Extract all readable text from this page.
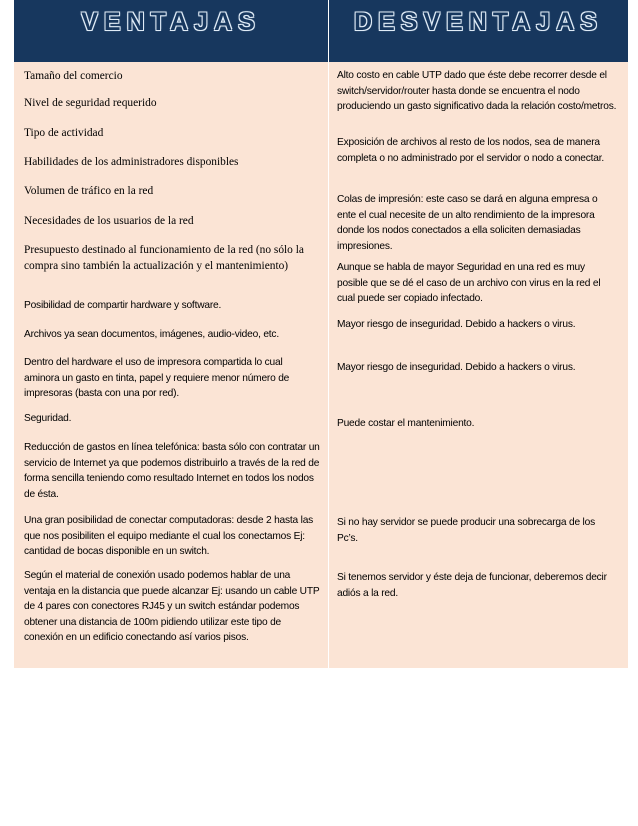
VENTAJAS	DESVENTAJAS
Tamaño del comercio
Nivel de seguridad requerido
Tipo de actividad
Habilidades de los administradores disponibles
Volumen de tráfico en la red
Necesidades de los usuarios de la red
Presupuesto destinado al funcionamiento de la red (no sólo la compra sino también la actualización y el mantenimiento)
Posibilidad de compartir hardware y software.
Archivos ya sean documentos, imágenes, audio-video, etc.
Dentro del hardware el uso de impresora compartida lo cual aminora un gasto en tinta, papel y requiere menor número de impresoras (basta con una por red).
Seguridad.
Reducción de gastos en línea telefónica: basta sólo con contratar un servicio de Internet ya que podemos distribuirlo a través de la red de forma sencilla teniendo como resultado Internet en todos los nodos de ésta.
Una gran posibilidad de conectar computadoras: desde 2 hasta las que nos posibiliten el equipo mediante el cual los conectamos Ej: cantidad de bocas disponible en un switch.
Según el material de conexión usado podemos hablar de una ventaja en la distancia que puede alcanzar Ej: usando un cable UTP de 4 pares con conectores RJ45 y un switch estándar podemos obtener una distancia de 100m pidiendo utilizar este tipo de conexión en un edificio conectando así varios pisos.
Alto costo en cable UTP dado que éste debe recorrer desde el switch/servidor/router hasta donde se encuentra el nodo produciendo un gasto significativo dada la relación costo/metros.
Exposición de archivos al resto de los nodos, sea de manera completa o no administrado por el servidor o nodo a conectar.
Colas de impresión: este caso se dará en alguna empresa o ente el cual necesite de un alto rendimiento de la impresora donde los nodos conectados a ella soliciten demasiadas impresiones.
Aunque se habla de mayor Seguridad en una red es muy posible que se dé el caso de un archivo con virus en la red el cual puede ser copiado infectado.
Mayor riesgo de inseguridad. Debido a hackers o virus.
Mayor riesgo de inseguridad. Debido a hackers o virus.
Puede costar el mantenimiento.
Si no hay servidor se puede producir una sobrecarga de los Pc’s.
Si tenemos servidor y éste deja de funcionar, deberemos decir adiós a la red.
